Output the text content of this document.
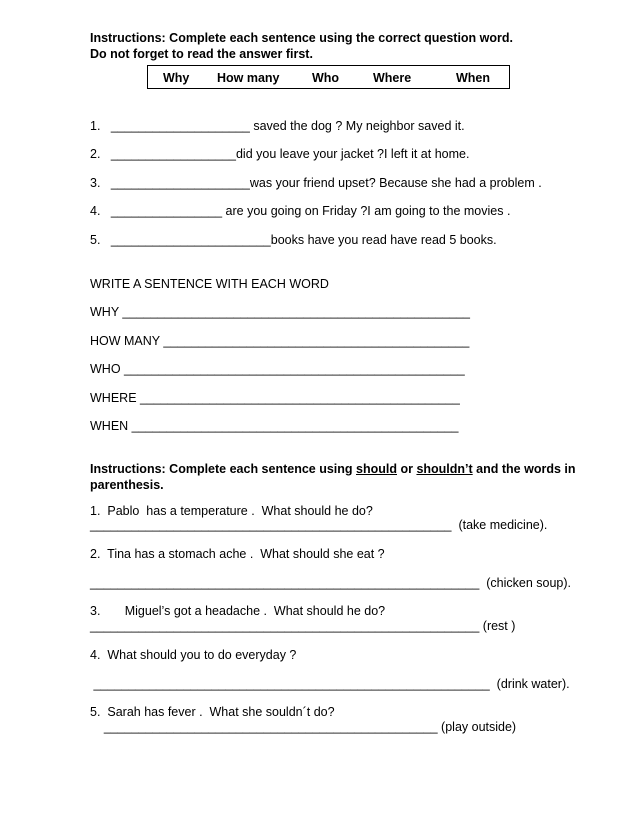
Instructions: Complete each sentence using the correct question word.
Do not forget to read the answer first.
Why How many	Who	Where	When
1.   ____________________ saved the dog ? My neighbor saved it.
2.   __________________did you leave your jacket ?I left it at home.
3.   ____________________was your friend upset? Because she had a problem .
4.   ________________ are you going on Friday ?I am going to the movies .
5.   _______________________books have you read have read 5 books.
WRITE A SENTENCE WITH EACH WORD
WHY __________________________________________________
HOW MANY ____________________________________________
WHO _________________________________________________
WHERE ______________________________________________
WHEN _______________________________________________
Instructions: Complete each sentence using should or shouldn’t and the words in
parenthesis.
1.  Pablo  has a temperature .  What should he do?
____________________________________________________  (take medicine).
2.  Tina has a stomach ache .  What should she eat ?
________________________________________________________  (chicken soup).
3.       Miguel’s got a headache .  What should he do?
________________________________________________________ (rest )
4.  What should you to do everyday ?
_________________________________________________________  (drink water).
5.  Sarah has fever .  What she souldn´t do?
________________________________________________ (play outside)
